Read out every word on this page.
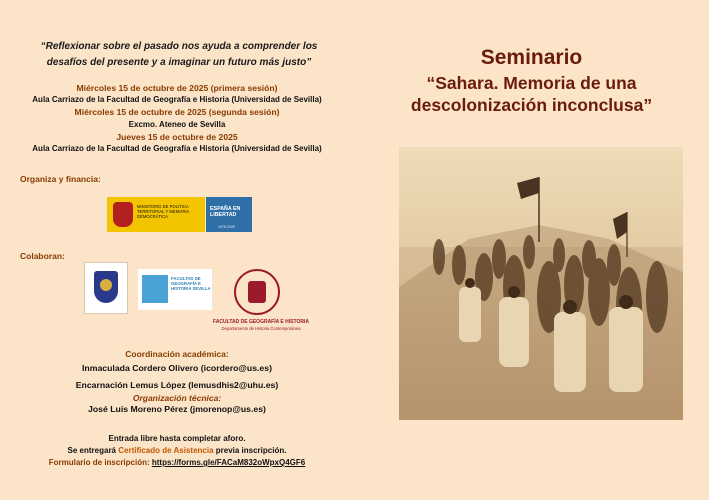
“Reflexionar sobre el pasado nos ayuda a comprender los
desafíos del presente y a imaginar un futuro más justo”
Miércoles 15 de octubre de 2025 (primera sesión)
Aula Carriazo de la Facultad de Geografía e Historia (Universidad de Sevilla)
Miércoles 15 de octubre de 2025 (segunda sesión)
Excmo. Ateneo de Sevilla
Jueves 15 de octubre de 2025
Aula Carriazo de la Facultad de Geografía e Historia (Universidad de Sevilla)
Organiza y financia:
MINISTERIO DE POLÍTICA TERRITORIAL Y MEMORIA DEMOCRÁTICA
ESPAÑA EN
LIBERTAD
1975-2025
Colaboran:
FACULTAD DE GEOGRAFÍA E HISTORIA SEVILLA
FACULTAD DE GEOGRAFÍA E HISTORIA
Departamento de Historia Contemporánea
Coordinación académica:
Inmaculada Cordero Olivero (icordero@us.es)
Encarnación Lemus López (lemusdhis2@uhu.es)
Organización técnica:
José Luis Moreno Pérez (jmorenop@us.es)
Entrada libre hasta completar aforo.
Se entregará Certificado de Asistencia previa inscripción.
Formulario de inscripción: https://forms.gle/FACaM832oWpxQ4GF6
Seminario
“Sahara. Memoria de una
descolonización inconclusa”
